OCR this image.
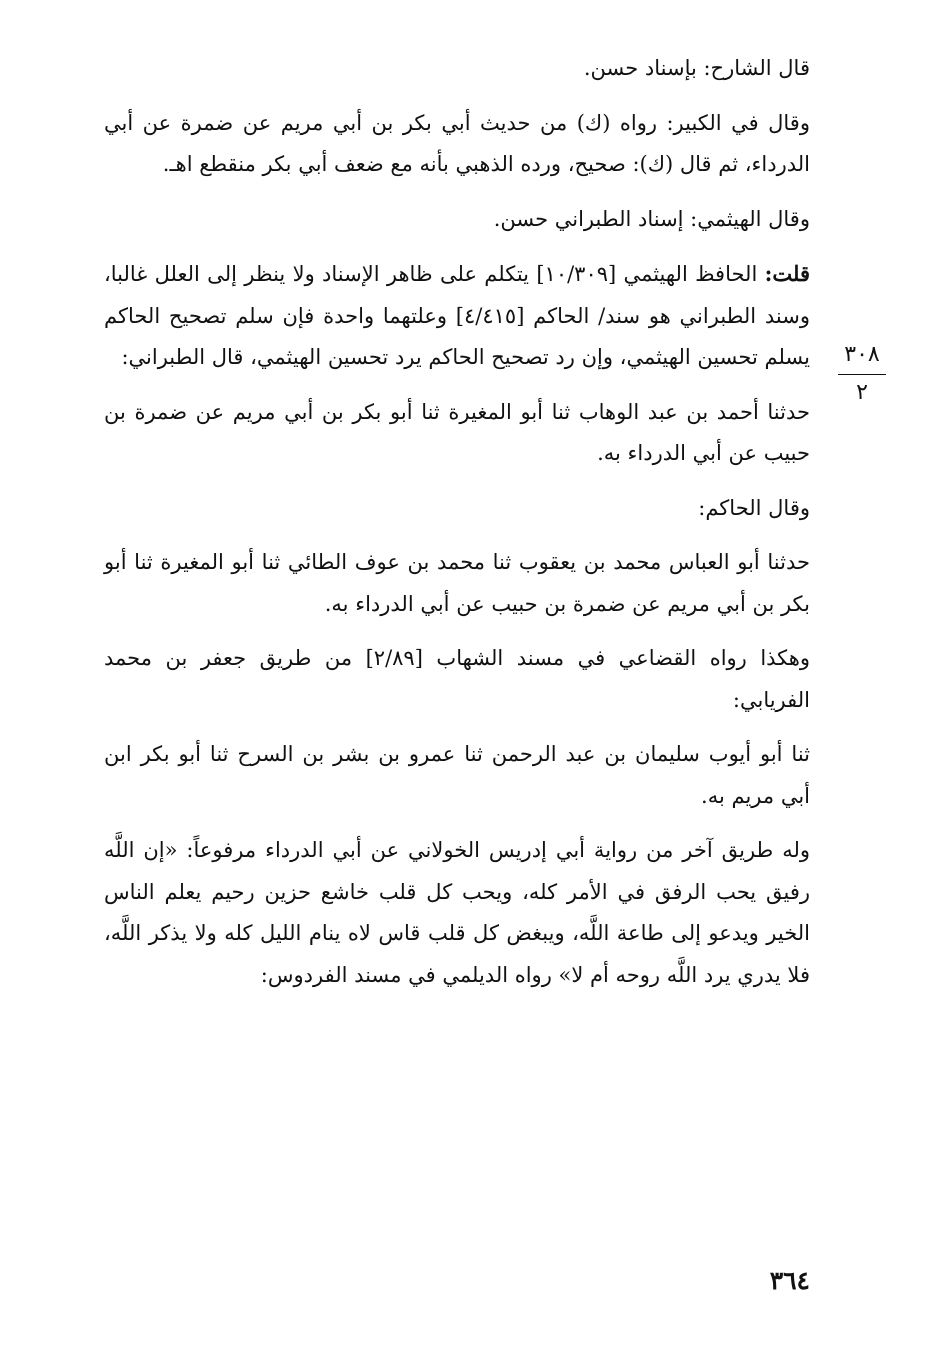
٣٠٨
٢

قال الشارح: بإسناد حسن.

وقال في الكبير: رواه (ك) من حديث أبي بكر بن أبي مريم عن ضمرة عن أبي الدرداء، ثم قال (ك): صحيح، ورده الذهبي بأنه مع ضعف أبي بكر منقطع اهـ.

وقال الهيثمي: إسناد الطبراني حسن.

قلت: الحافظ الهيثمي [١٠/٣٠٩] يتكلم على ظاهر الإسناد ولا ينظر إلى العلل غالبا، وسند الطبراني هو سند/ الحاكم [٤/٤١٥] وعلتهما واحدة فإن سلم تصحيح الحاكم يسلم تحسين الهيثمي، وإن رد تصحيح الحاكم يرد تحسين الهيثمي، قال الطبراني:

حدثنا أحمد بن عبد الوهاب ثنا أبو المغيرة ثنا أبو بكر بن أبي مريم عن ضمرة بن حبيب عن أبي الدرداء به.

وقال الحاكم:

حدثنا أبو العباس محمد بن يعقوب ثنا محمد بن عوف الطائي ثنا أبو المغيرة ثنا أبو بكر بن أبي مريم عن ضمرة بن حبيب عن أبي الدرداء به.

وهكذا رواه القضاعي في مسند الشهاب [٢/٨٩] من طريق جعفر بن محمد الفريابي:

ثنا أبو أيوب سليمان بن عبد الرحمن ثنا عمرو بن بشر بن السرح ثنا أبو بكر ابن أبي مريم به.

وله طريق آخر من رواية أبي إدريس الخولاني عن أبي الدرداء مرفوعاً: «إن اللَّه رفيق يحب الرفق في الأمر كله، ويحب كل قلب خاشع حزين رحيم يعلم الناس الخير ويدعو إلى طاعة اللَّه، ويبغض كل قلب قاس لاه ينام الليل كله ولا يذكر اللَّه، فلا يدري يرد اللَّه روحه أم لا» رواه الديلمي في مسند الفردوس:

٣٦٤
